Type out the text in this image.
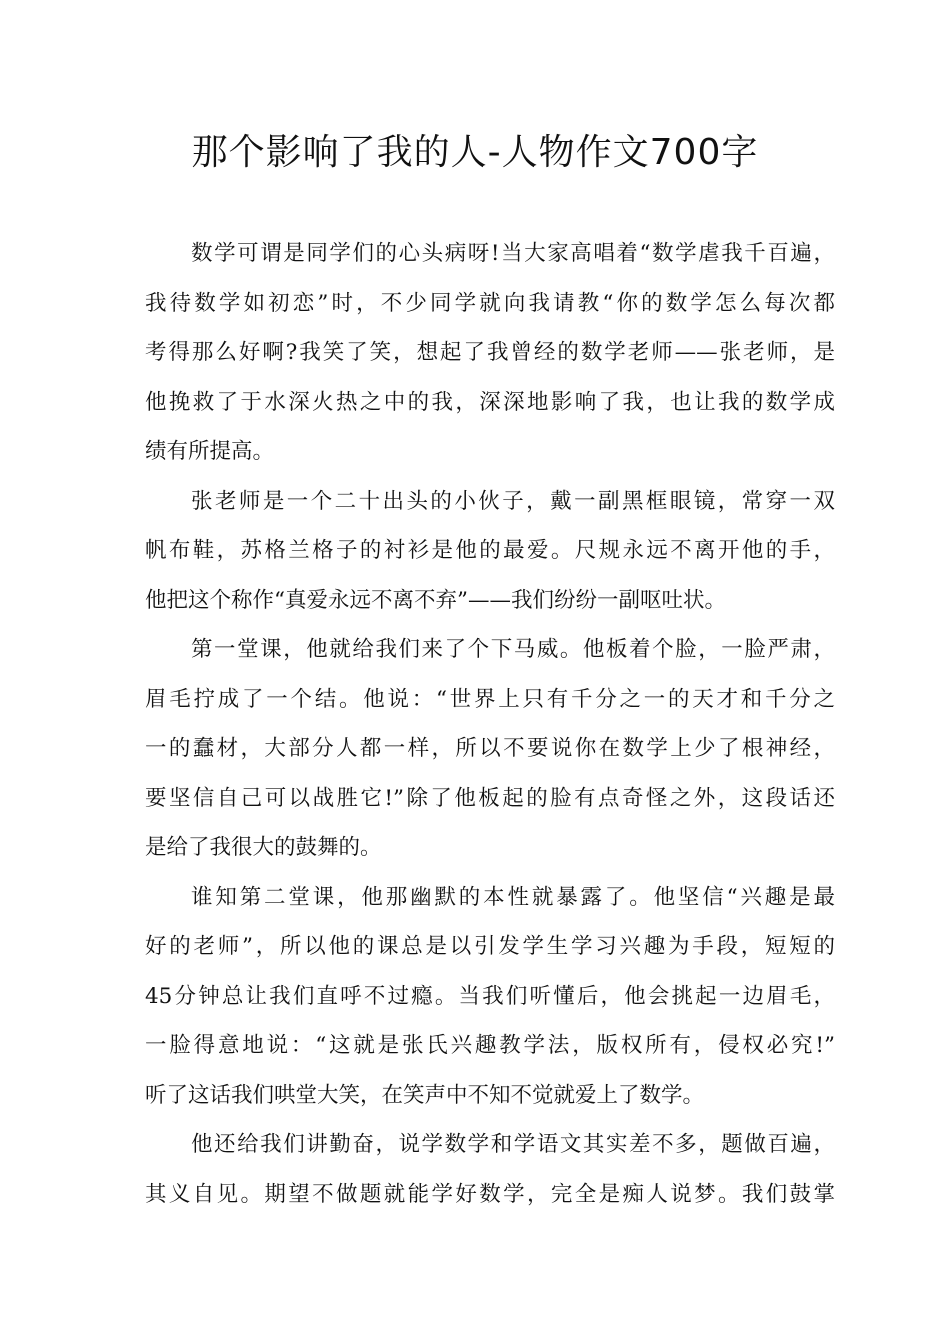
那个影响了我的人-人物作文700字
数学可谓是同学们的心头病呀!当大家高唱着“数学虐我千百遍，
我待数学如初恋”时，不少同学就向我请教“你的数学怎么每次都
考得那么好啊?我笑了笑，想起了我曾经的数学老师——张老师，是
他挽救了于水深火热之中的我，深深地影响了我，也让我的数学成
绩有所提高。
张老师是一个二十出头的小伙子，戴一副黑框眼镜，常穿一双
帆布鞋，苏格兰格子的衬衫是他的最爱。尺规永远不离开他的手，
他把这个称作“真爱永远不离不弃”——我们纷纷一副呕吐状。
第一堂课，他就给我们来了个下马威。他板着个脸，一脸严肃，
眉毛拧成了一个结。他说：“世界上只有千分之一的天才和千分之
一的蠢材，大部分人都一样，所以不要说你在数学上少了根神经，
要坚信自己可以战胜它!”除了他板起的脸有点奇怪之外，这段话还
是给了我很大的鼓舞的。
谁知第二堂课，他那幽默的本性就暴露了。他坚信“兴趣是最
好的老师”，所以他的课总是以引发学生学习兴趣为手段，短短的
45分钟总让我们直呼不过瘾。当我们听懂后，他会挑起一边眉毛，
一脸得意地说：“这就是张氏兴趣教学法，版权所有，侵权必究!”
听了这话我们哄堂大笑，在笑声中不知不觉就爱上了数学。
他还给我们讲勤奋，说学数学和学语文其实差不多，题做百遍，
其义自见。期望不做题就能学好数学，完全是痴人说梦。我们鼓掌
